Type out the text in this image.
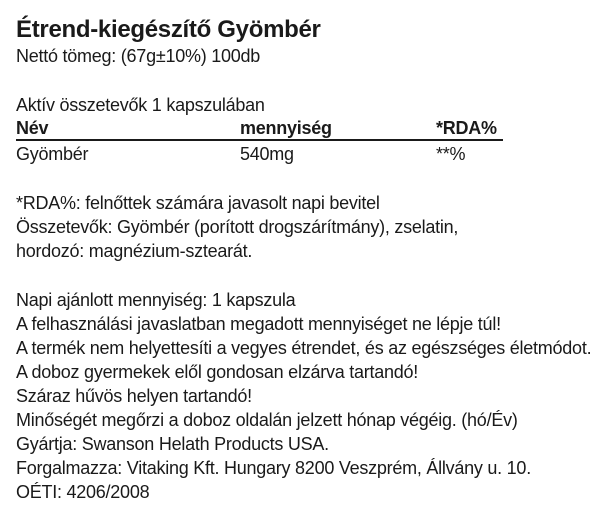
Étrend-kiegészítő Gyömbér
Nettó tömeg: (67g±10%) 100db
Aktív összetevők 1 kapszulában
Név	mennyiség	*RDA%
Gyömbér	540mg	**%
*RDA%: felnőttek számára javasolt napi bevitel
Összetevők: Gyömbér (porított drogszárítmány), zselatin,
hordozó: magnézium-sztearát.
Napi ajánlott mennyiség: 1 kapszula
A felhasználási javaslatban megadott mennyiséget ne lépje túl!
A termék nem helyettesíti a vegyes étrendet, és az egészséges életmódot.
A doboz gyermekek elől gondosan elzárva tartandó!
Száraz hűvös helyen tartandó!
Minőségét megőrzi a doboz oldalán jelzett hónap végéig. (hó/Év)
Gyártja: Swanson Helath Products USA.
Forgalmazza: Vitaking Kft. Hungary 8200 Veszprém, Állvány u. 10.
OÉTI: 4206/2008
